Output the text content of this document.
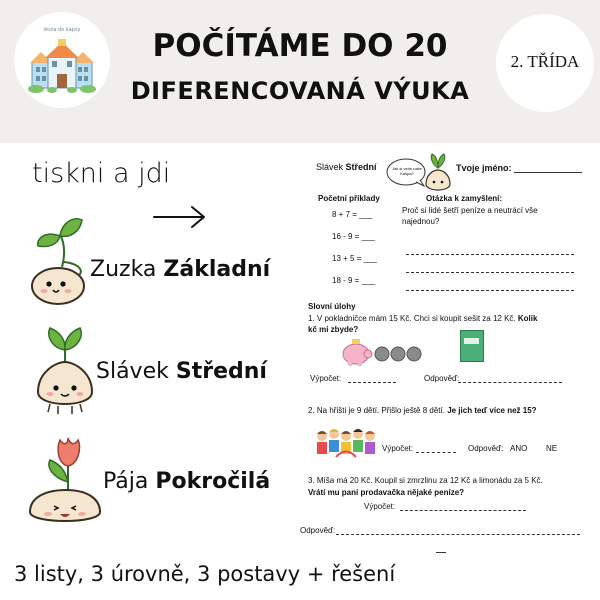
škola do kapsy	POČÍTÁME DO 20
DIFERENCOVANÁ VÝUKA
2. TŘÍDA
tiskni a jdi
Zuzka Základní
Slávek Střední
Pája Pokročilá
3 listy, 3 úrovně, 3 postavy + řešení
Slávek Střední	Jak si vede naše Kašpa?
Tvoje jméno:
Početní příklady
8 + 7 = ___
16 - 9 = ___
13 + 5 = ___
18 - 9 = ___
Otázka k zamyšlení:
Proč si lidé šetří peníze a neutrácí vše
najednou?
Slovní úlohy
1. V pokladničce mám 15 Kč. Chci si koupit sešit za 12 Kč. Kolik
kč mi zbyde?
Výpočet:	Odpověď:
2. Na hřišti je 9 dětí. Přišlo ještě 8 dětí. Je jich teď více než 15?
Výpočet:	Odpověď: ANO NE
3. Míša má 20 Kč. Koupil si zmrzlinu za 12 Kč a limonádu za 5 Kč.
Vrátí mu paní prodavačka nějaké peníze?
Výpočet:
Odpověď:
